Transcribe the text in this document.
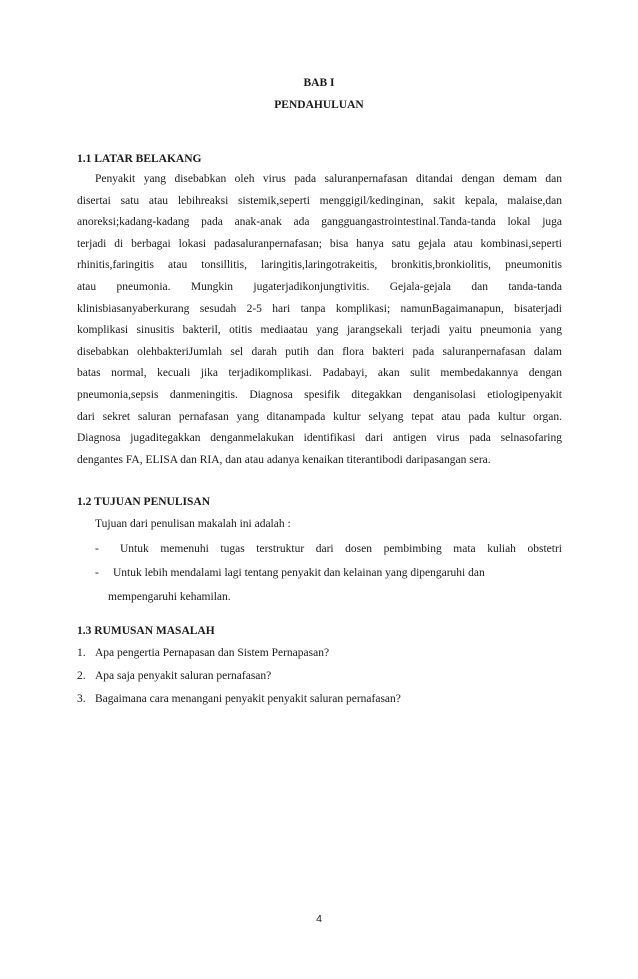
BAB I
PENDAHULUAN
1.1 LATAR BELAKANG
Penyakit yang disebabkan oleh virus pada saluranpernafasan ditandai dengan demam dan
disertai satu atau lebihreaksi sistemik,seperti menggigil/kedinginan, sakit kepala, malaise,dan
anoreksi;kadang-kadang pada anak-anak ada gangguangastrointestinal.Tanda-tanda lokal juga
terjadi di berbagai lokasi padasaluranpernafasan; bisa hanya satu gejala atau kombinasi,seperti
rhinitis,faringitis atau tonsillitis, laringitis,laringotrakeitis, bronkitis,bronkiolitis, pneumonitis
atau pneumonia. Mungkin jugaterjadikonjungtivitis. Gejala-gejala dan tanda-tanda
klinisbiasanyaberkurang sesudah 2-5 hari tanpa komplikasi; namunBagaimanapun, bisaterjadi
komplikasi sinusitis bakteril, otitis mediaatau yang jarangsekali terjadi yaitu pneumonia yang
disebabkan olehbakteriJumlah sel darah putih dan flora bakteri pada saluranpernafasan dalam
batas normal, kecuali jika terjadikomplikasi. Padabayi, akan sulit membedakannya dengan
pneumonia,sepsis danmeningitis. Diagnosa spesifik ditegakkan denganisolasi etiologipenyakit
dari sekret saluran pernafasan yang ditanampada kultur selyang tepat atau pada kultur organ.
Diagnosa jugaditegakkan denganmelakukan identifikasi dari antigen virus pada selnasofaring
dengantes FA, ELISA dan RIA, dan atau adanya kenaikan titerantibodi daripasangan sera.
1.2 TUJUAN PENULISAN
Tujuan dari penulisan makalah ini adalah :
- Untuk memenuhi tugas terstruktur dari dosen pembimbing mata kuliah obstetri
- Untuk lebih mendalami lagi tentang penyakit dan kelainan yang dipengaruhi dan
mempengaruhi kehamilan.
1.3 RUMUSAN MASALAH
1. Apa pengertia Pernapasan dan Sistem Pernapasan?
2. Apa saja penyakit saluran pernafasan?
3. Bagaimana cara menangani penyakit penyakit saluran pernafasan?
4
